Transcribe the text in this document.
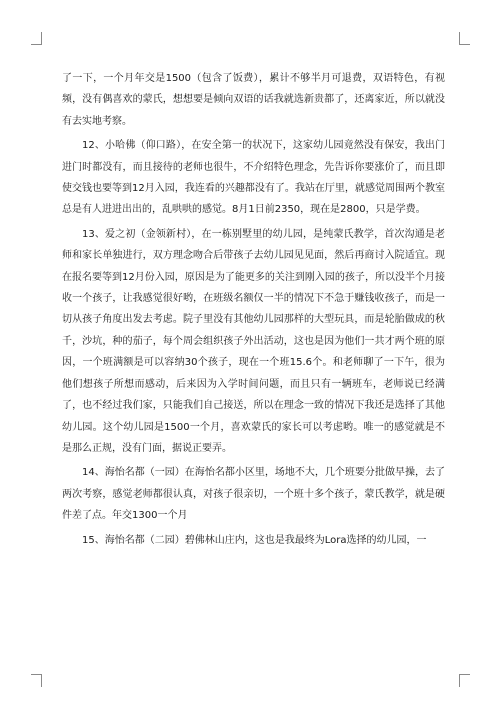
了一下，一个月年交是1500（包含了饭费），累计不够半月可退费，双语特色，有视频，没有偶喜欢的蒙氏，想想要是倾向双语的话我就选新贵都了，还离家近，所以就没有去实地考察。

12、小哈佛（仰口路），在安全第一的状况下，这家幼儿园竟然没有保安，我出门进门时都没有，而且接待的老师也很牛，不介绍特色理念，先告诉你要涨价了，而且即使交钱也要等到12月入园，我连看的兴趣都没有了。我站在厅里，就感觉周围两个教室总是有人进进出出的，乱哄哄的感觉。8月1日前2350，现在是2800，只是学费。

13、爱之初（金领新村），在一栋别墅里的幼儿园，是纯蒙氏教学，首次沟通是老师和家长单独进行，双方理念吻合后带孩子去幼儿园见见面，然后再商讨入院适宜。现在报名要等到12月份入园，原因是为了能更多的关注到刚入园的孩子，所以没半个月接收一个孩子，让我感觉很好哟，在班级名额仅一半的情况下不急于赚钱收孩子，而是一切从孩子角度出发去考虑。院子里没有其他幼儿园那样的大型玩具，而是轮胎做成的秋千，沙坑，种的茄子，每个周会组织孩子外出活动，这也是因为他们一共才两个班的原因，一个班满额是可以容纳30个孩子，现在一个班15.6个。和老师聊了一下午，很为他们想孩子所想而感动，后来因为入学时间问题，而且只有一辆班车，老师说已经满了，也不经过我们家，只能我们自己接送，所以在理念一致的情况下我还是选择了其他幼儿园。这个幼儿园是1500一个月，喜欢蒙氏的家长可以考虑哟。唯一的感觉就是不是那么正规，没有门面，据说正要弄。

14、海怡名都（一园）在海怡名都小区里，场地不大，几个班要分批做早操，去了两次考察，感觉老师都很认真，对孩子很亲切，一个班十多个孩子，蒙氏教学，就是硬件差了点。年交1300一个月

15、海怡名都（二园）碧佛林山庄内，这也是我最终为Lora选择的幼儿园，一
